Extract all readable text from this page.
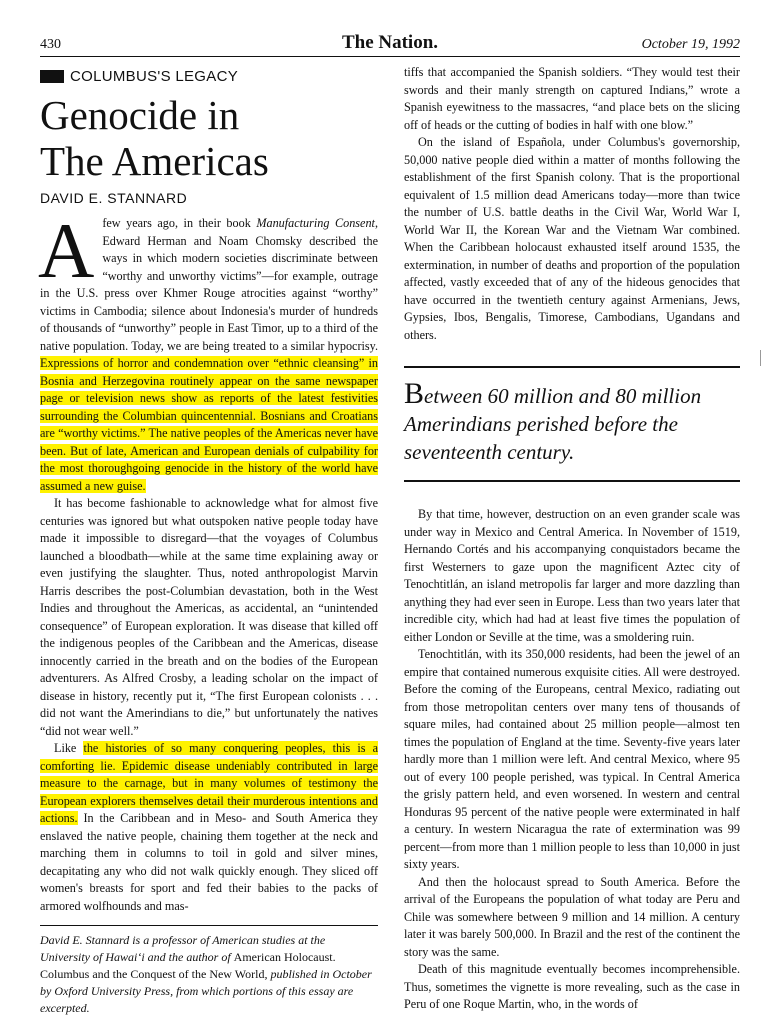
430	The Nation.	October 19, 1992
COLUMBUS'S LEGACY
Genocide in
The Americas
DAVID E. STANNARD

Afew years ago, in their book Manufacturing Consent, Edward Herman and Noam Chomsky described the ways in which modern societies discriminate between “worthy and unworthy victims”—for example, outrage in the U.S. press over Khmer Rouge atrocities against “worthy” victims in Cambodia; silence about Indonesia's murder of hundreds of thousands of “unworthy” people in East Timor, up to a third of the native population. Today, we are being treated to a similar hypocrisy. Expressions of horror and condemnation over “ethnic cleansing” in Bosnia and Herzegovina routinely appear on the same newspaper page or television news show as reports of the latest festivities surrounding the Columbian quincentennial. Bosnians and Croatians are “worthy victims.” The native peoples of the Americas never have been. But of late, American and European denials of culpability for the most thoroughgoing genocide in the history of the world have assumed a new guise.

It has become fashionable to acknowledge what for almost five centuries was ignored but what outspoken native people today have made it impossible to disregard—that the voyages of Columbus launched a bloodbath—while at the same time explaining away or even justifying the slaughter. Thus, noted anthropologist Marvin Harris describes the post-Columbian devastation, both in the West Indies and throughout the Americas, as accidental, an “unintended consequence” of European exploration. It was disease that killed off the indigenous peoples of the Caribbean and the Americas, disease innocently carried in the breath and on the bodies of the European adventurers. As Alfred Crosby, a leading scholar on the impact of disease in history, recently put it, “The first European colonists . . . did not want the Amerindians to die,” but unfortunately the natives “did not wear well.”

Like the histories of so many conquering peoples, this is a comforting lie. Epidemic disease undeniably contributed in large measure to the carnage, but in many volumes of testimony the European explorers themselves detail their murderous intentions and actions. In the Caribbean and in Meso- and South America they enslaved the native people, chaining them together at the neck and marching them in columns to toil in gold and silver mines, decapitating any who did not walk quickly enough. They sliced off women's breasts for sport and fed their babies to the packs of armored wolfhounds and mas-

David E. Stannard is a professor of American studies at the University of Hawai‘i and the author of American Holocaust. Columbus and the Conquest of the New World, published in October by Oxford University Press, from which portions of this essay are excerpted.

tiffs that accompanied the Spanish soldiers. “They would test their swords and their manly strength on captured Indians,” wrote a Spanish eyewitness to the massacres, “and place bets on the slicing off of heads or the cutting of bodies in half with one blow.”

On the island of Española, under Columbus's governorship, 50,000 native people died within a matter of months following the establishment of the first Spanish colony. That is the proportional equivalent of 1.5 million dead Americans today—more than twice the number of U.S. battle deaths in the Civil War, World War I, World War II, the Korean War and the Vietnam War combined. When the Caribbean holocaust exhausted itself around 1535, the extermination, in number of deaths and proportion of the population affected, vastly exceeded that of any of the hideous genocides that have occurred in the twentieth century against Armenians, Jews, Gypsies, Ibos, Bengalis, Timorese, Cambodians, Ugandans and others.

Between 60 million and 80 million Amerindians perished before the seventeenth century.

By that time, however, destruction on an even grander scale was under way in Mexico and Central America. In November of 1519, Hernando Cortés and his accompanying conquistadors became the first Westerners to gaze upon the magnificent Aztec city of Tenochtitlán, an island metropolis far larger and more dazzling than anything they had ever seen in Europe. Less than two years later that incredible city, which had had at least five times the population of either London or Seville at the time, was a smoldering ruin.

Tenochtitlán, with its 350,000 residents, had been the jewel of an empire that contained numerous exquisite cities. All were destroyed. Before the coming of the Europeans, central Mexico, radiating out from those metropolitan centers over many tens of thousands of square miles, had contained about 25 million people—almost ten times the population of England at the time. Seventy-five years later hardly more than 1 million were left. And central Mexico, where 95 out of every 100 people perished, was typical. In Central America the grisly pattern held, and even worsened. In western and central Honduras 95 percent of the native people were exterminated in half a century. In western Nicaragua the rate of extermination was 99 percent—from more than 1 million people to less than 10,000 in just sixty years.

And then the holocaust spread to South America. Before the arrival of the Europeans the population of what today are Peru and Chile was somewhere between 9 million and 14 million. A century later it was barely 500,000. In Brazil and the rest of the continent the story was the same.

Death of this magnitude eventually becomes incomprehensible. Thus, sometimes the vignette is more revealing, such as the case in Peru of one Roque Martin, who, in the words of
